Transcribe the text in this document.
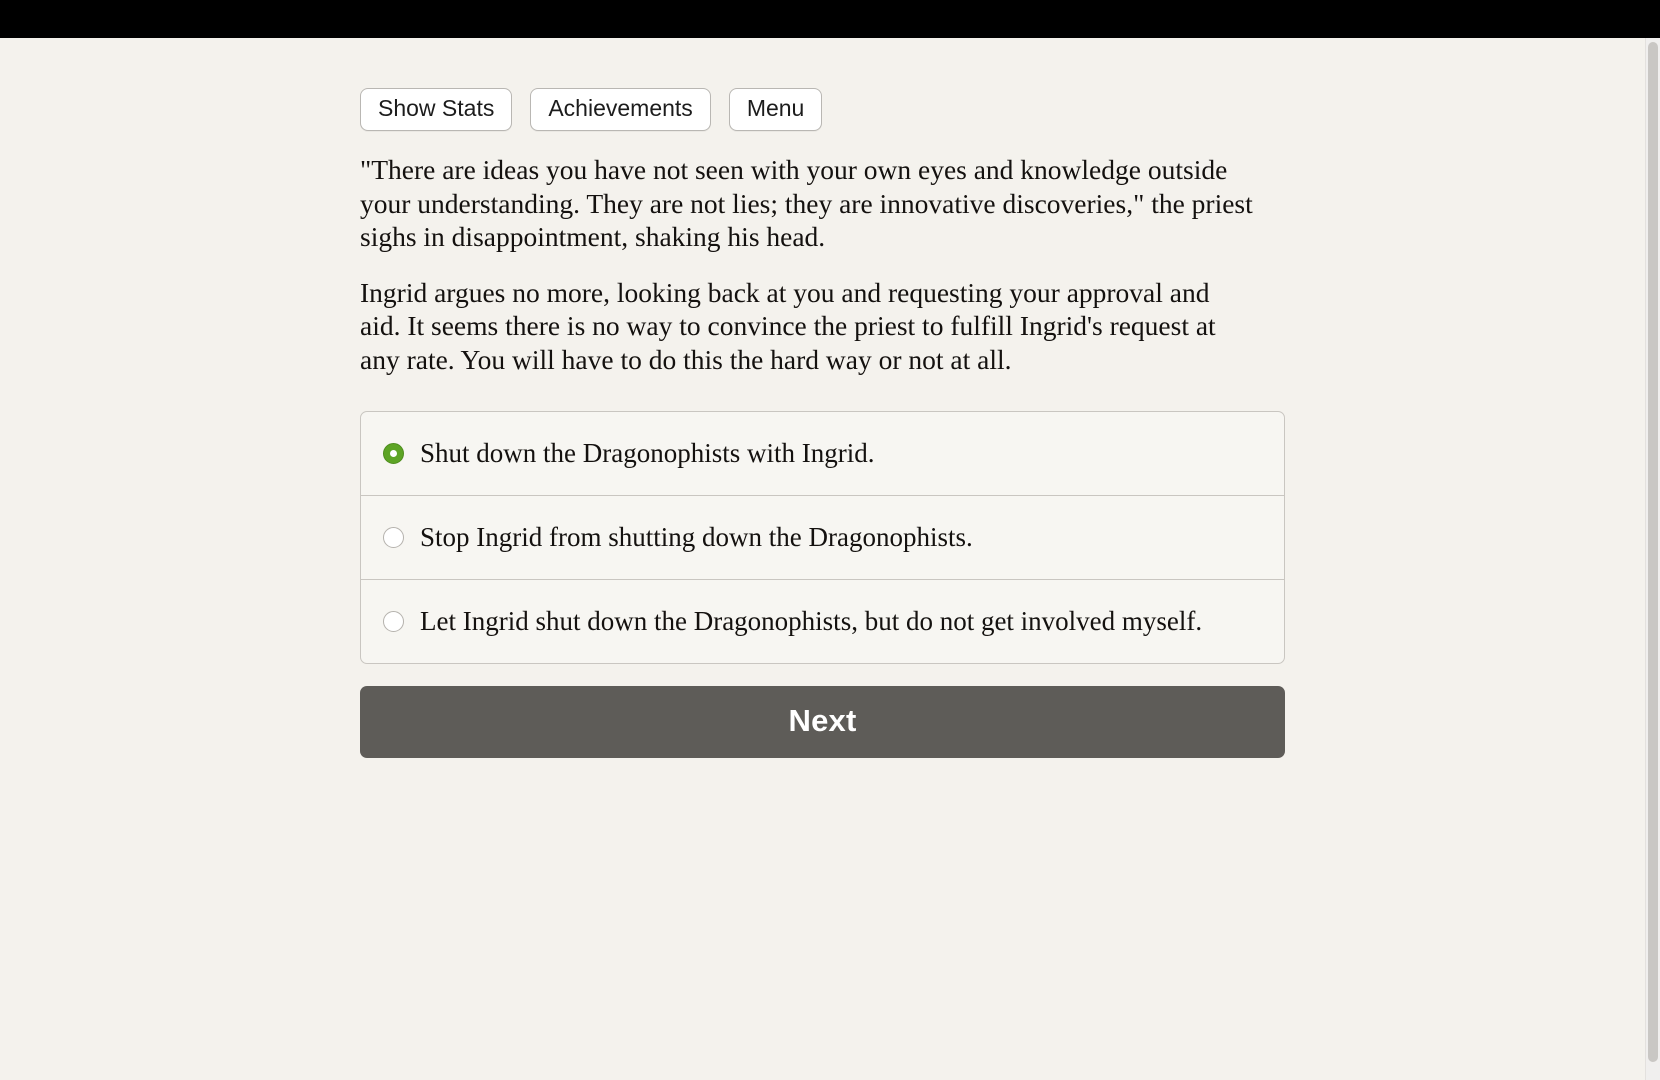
Show Stats	Achievements	Menu

"There are ideas you have not seen with your own eyes and knowledge outside your understanding. They are not lies; they are innovative discoveries," the priest sighs in disappointment, shaking his head.

Ingrid argues no more, looking back at you and requesting your approval and aid. It seems there is no way to convince the priest to fulfill Ingrid's request at any rate. You will have to do this the hard way or not at all.

Shut down the Dragonophists with Ingrid.
Stop Ingrid from shutting down the Dragonophists.
Let Ingrid shut down the Dragonophists, but do not get involved myself.
Next
